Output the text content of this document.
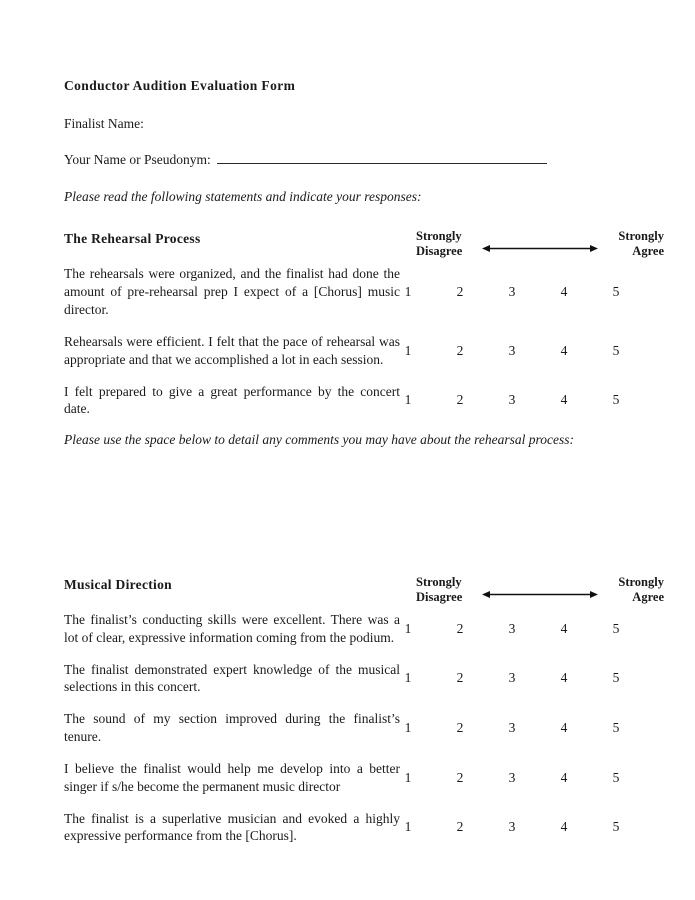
Conductor Audition Evaluation Form
Finalist Name:
Your Name or Pseudonym:

Please read the following statements and indicate your responses:

The Rehearsal Process	Strongly
Disagree
Strongly
Agree
The rehearsals were organized, and the finalist had done the amount of pre-rehearsal prep I expect of a [Chorus] music director.
1	2	3	4	5
Rehearsals were efficient. I felt that the pace of rehearsal was appropriate and that we accomplished a lot in each session.
1	2	3	4	5
I felt prepared to give a great performance by the concert date.
1	2	3	4	5

Please use the space below to detail any comments you may have about the rehearsal process:

Musical Direction	Strongly
Disagree
Strongly
Agree
The finalist’s conducting skills were excellent. There was a lot of clear, expressive information coming from the podium.
1	2	3	4	5
The finalist demonstrated expert knowledge of the musical selections in this concert.
1	2	3	4	5
The sound of my section improved during the finalist’s tenure.
1	2	3	4	5
I believe the finalist would help me develop into a better singer if s/he become the permanent music director
1	2	3	4	5
The finalist is a superlative musician and evoked a highly expressive performance from the [Chorus].
1	2	3	4	5
